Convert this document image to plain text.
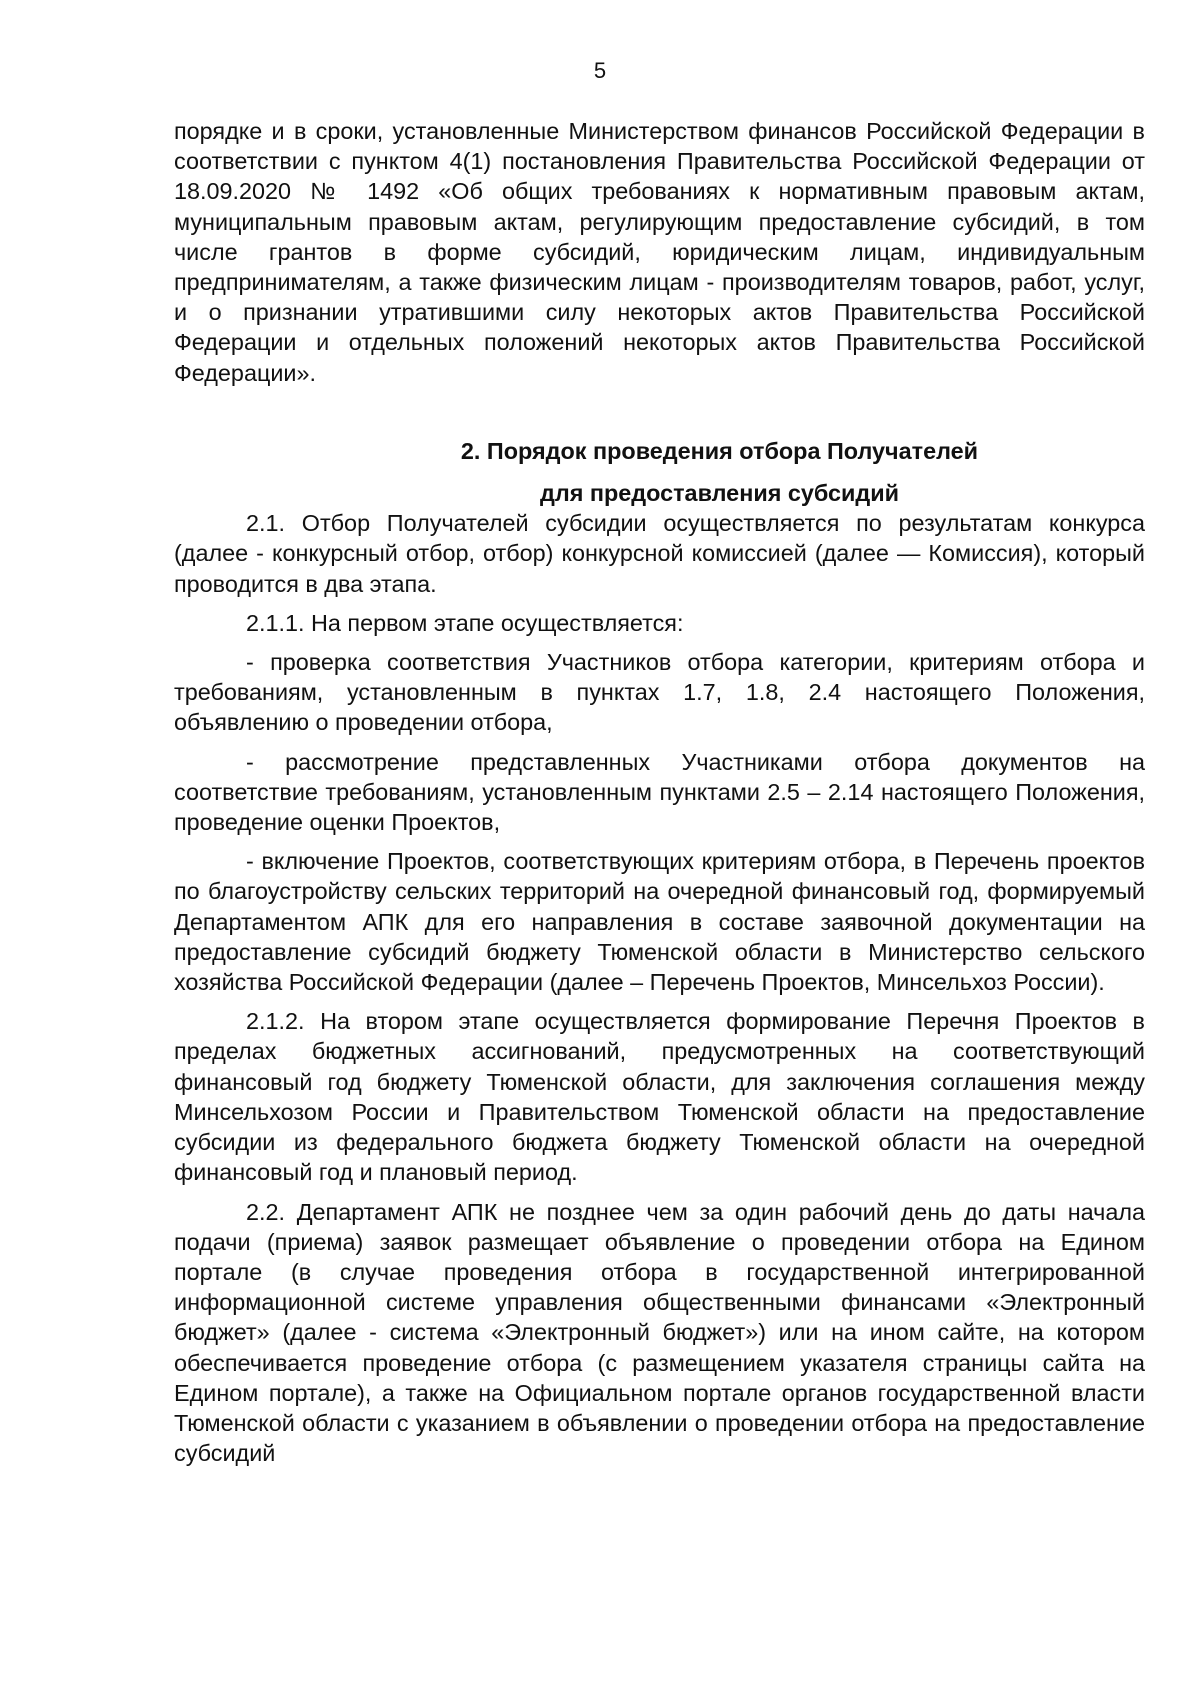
5

порядке и в сроки, установленные Министерством финансов Российской Федерации в соответствии с пунктом 4(1) постановления Правительства Российской Федерации от 18.09.2020 № 1492 «Об общих требованиях к нормативным правовым актам, муниципальным правовым актам, регулирующим предоставление субсидий, в том числе грантов в форме субсидий, юридическим лицам, индивидуальным предпринимателям, а также физическим лицам - производителям товаров, работ, услуг, и о признании утратившими силу некоторых актов Правительства Российской Федерации и отдельных положений некоторых актов Правительства Российской Федерации».

2. Порядок проведения отбора Получателей
для предоставления субсидий

2.1. Отбор Получателей субсидии осуществляется по результатам конкурса (далее - конкурсный отбор, отбор) конкурсной комиссией (далее — Комиссия), который проводится в два этапа.

2.1.1. На первом этапе осуществляется:

- проверка соответствия Участников отбора категории, критериям отбора и требованиям, установленным в пунктах 1.7, 1.8, 2.4 настоящего Положения, объявлению о проведении отбора,

- рассмотрение представленных Участниками отбора документов на соответствие требованиям, установленным пунктами 2.5 – 2.14 настоящего Положения, проведение оценки Проектов,

- включение Проектов, соответствующих критериям отбора, в Перечень проектов по благоустройству сельских территорий на очередной финансовый год, формируемый Департаментом АПК для его направления в составе заявочной документации на предоставление субсидий бюджету Тюменской области в Министерство сельского хозяйства Российской Федерации (далее – Перечень Проектов, Минсельхоз России).

2.1.2. На втором этапе осуществляется формирование Перечня Проектов в пределах бюджетных ассигнований, предусмотренных на соответствующий финансовый год бюджету Тюменской области, для заключения соглашения между Минсельхозом России и Правительством Тюменской области на предоставление субсидии из федерального бюджета бюджету Тюменской области на очередной финансовый год и плановый период.

2.2. Департамент АПК не позднее чем за один рабочий день до даты начала подачи (приема) заявок размещает объявление о проведении отбора на Едином портале (в случае проведения отбора в государственной интегрированной информационной системе управления общественными финансами «Электронный бюджет» (далее - система «Электронный бюджет») или на ином сайте, на котором обеспечивается проведение отбора (с размещением указателя страницы сайта на Едином портале), а также на Официальном портале органов государственной власти Тюменской области с указанием в объявлении о проведении отбора на предоставление субсидий
